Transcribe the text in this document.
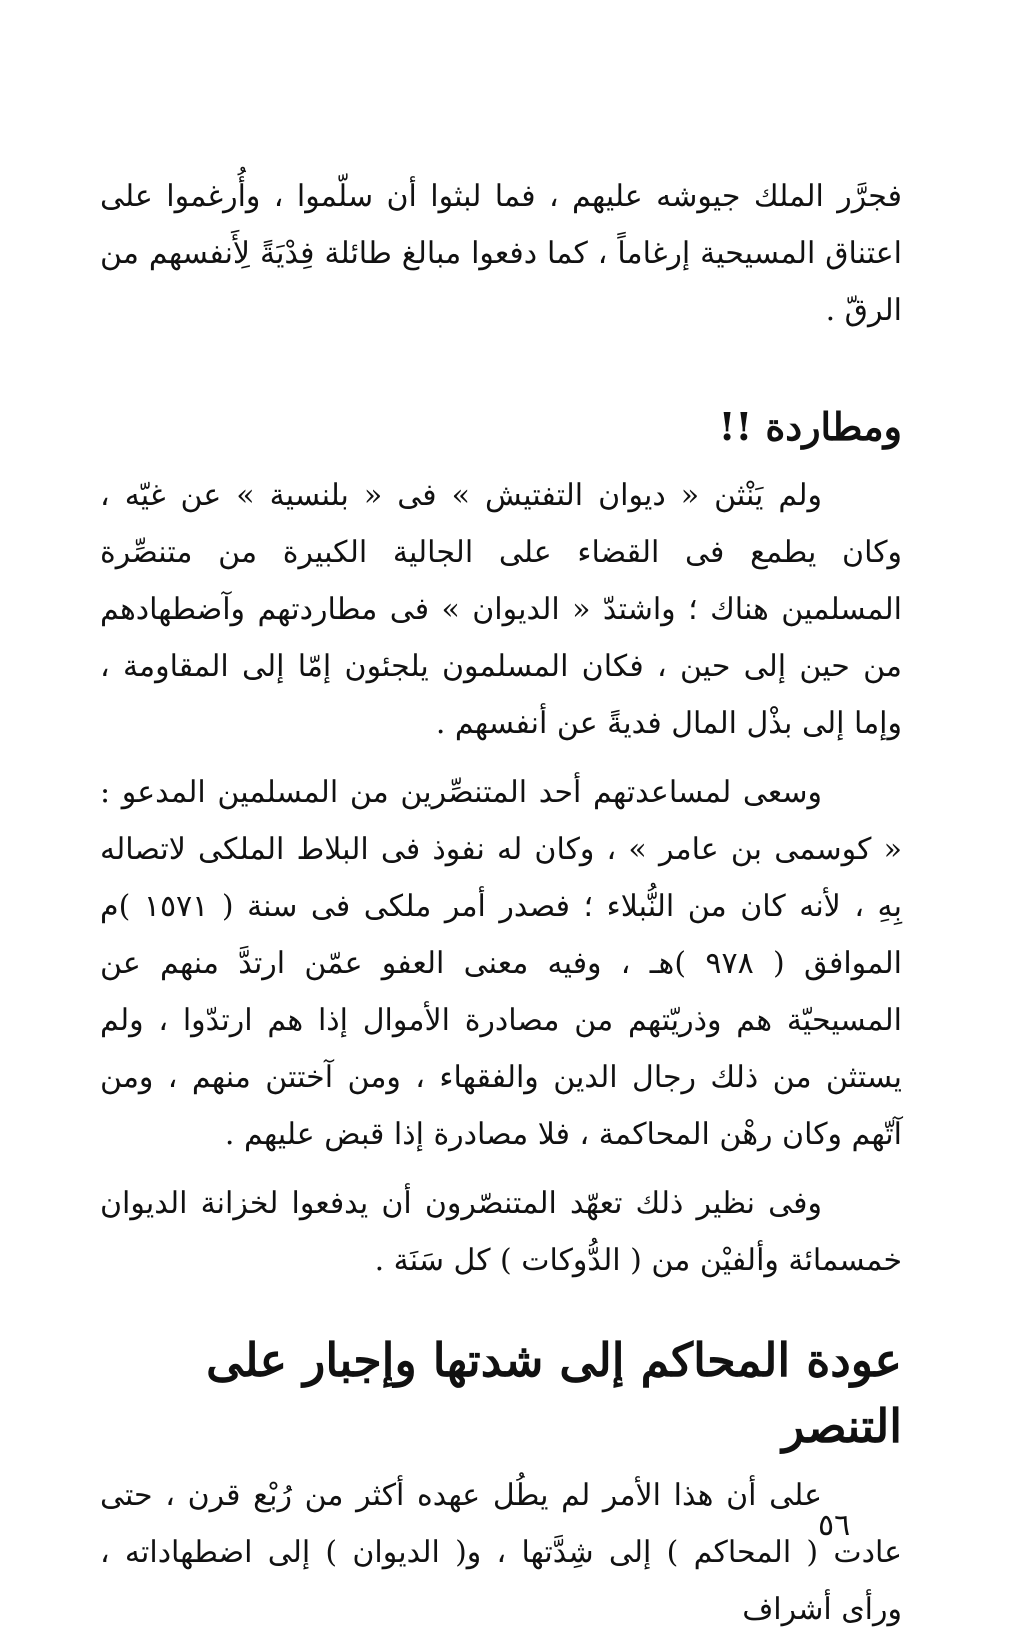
فجرَّر الملك جيوشه عليهم ، فما لبثوا أن سلّموا ، وأُرغموا على اعتناق المسيحية إرغاماً ، كما دفعوا مبالغ طائلة فِدْيَةً لِأَنفسهم من الرقّ .

ومطاردة !!

ولم يَنْثن « ديوان التفتيش » فى « بلنسية » عن غيّه ، وكان يطمع فى القضاء على الجالية الكبيرة من متنصِّرة المسلمين هناك ؛ واشتدّ « الديوان » فى مطاردتهم وآضطهادهم من حين إلى حين ، فكان المسلمون يلجئون إمّا إلى المقاومة ، وإما إلى بذْل المال فديةً عن أنفسهم .

وسعى لمساعدتهم أحد المتنصِّرين من المسلمين المدعو : « كوسمى بن عامر » ، وكان له نفوذ فى البلاط الملكى لاتصاله بِهِ ، لأنه كان من النُّبلاء ؛ فصدر أمر ملكى فى سنة ( ١٥٧١ )م الموافق ( ٩٧٨ )هـ ، وفيه معنى العفو عمّن ارتدَّ منهم عن المسيحيّة هم وذريّتهم من مصادرة الأموال إذا هم ارتدّوا ، ولم يستثن من ذلك رجال الدين والفقهاء ، ومن آختتن منهم ، ومن آتّهم وكان رهْن المحاكمة ، فلا مصادرة إذا قبض عليهم .

وفى نظير ذلك تعهّد المتنصّرون أن يدفعوا لخزانة الديوان خمسمائة وألفيْن من ( الدُّوكات ) كل سَنَة .

عودة المحاكم إلى شدتها وإجبار على التنصر

على أن هذا الأمر لم يطُل عهده أكثر من رُبْع قرن ، حتى عادت ( المحاكم ) إلى شِدَّتها ، و( الديوان ) إلى اضطهاداته ، ورأى أشراف

٥٦
